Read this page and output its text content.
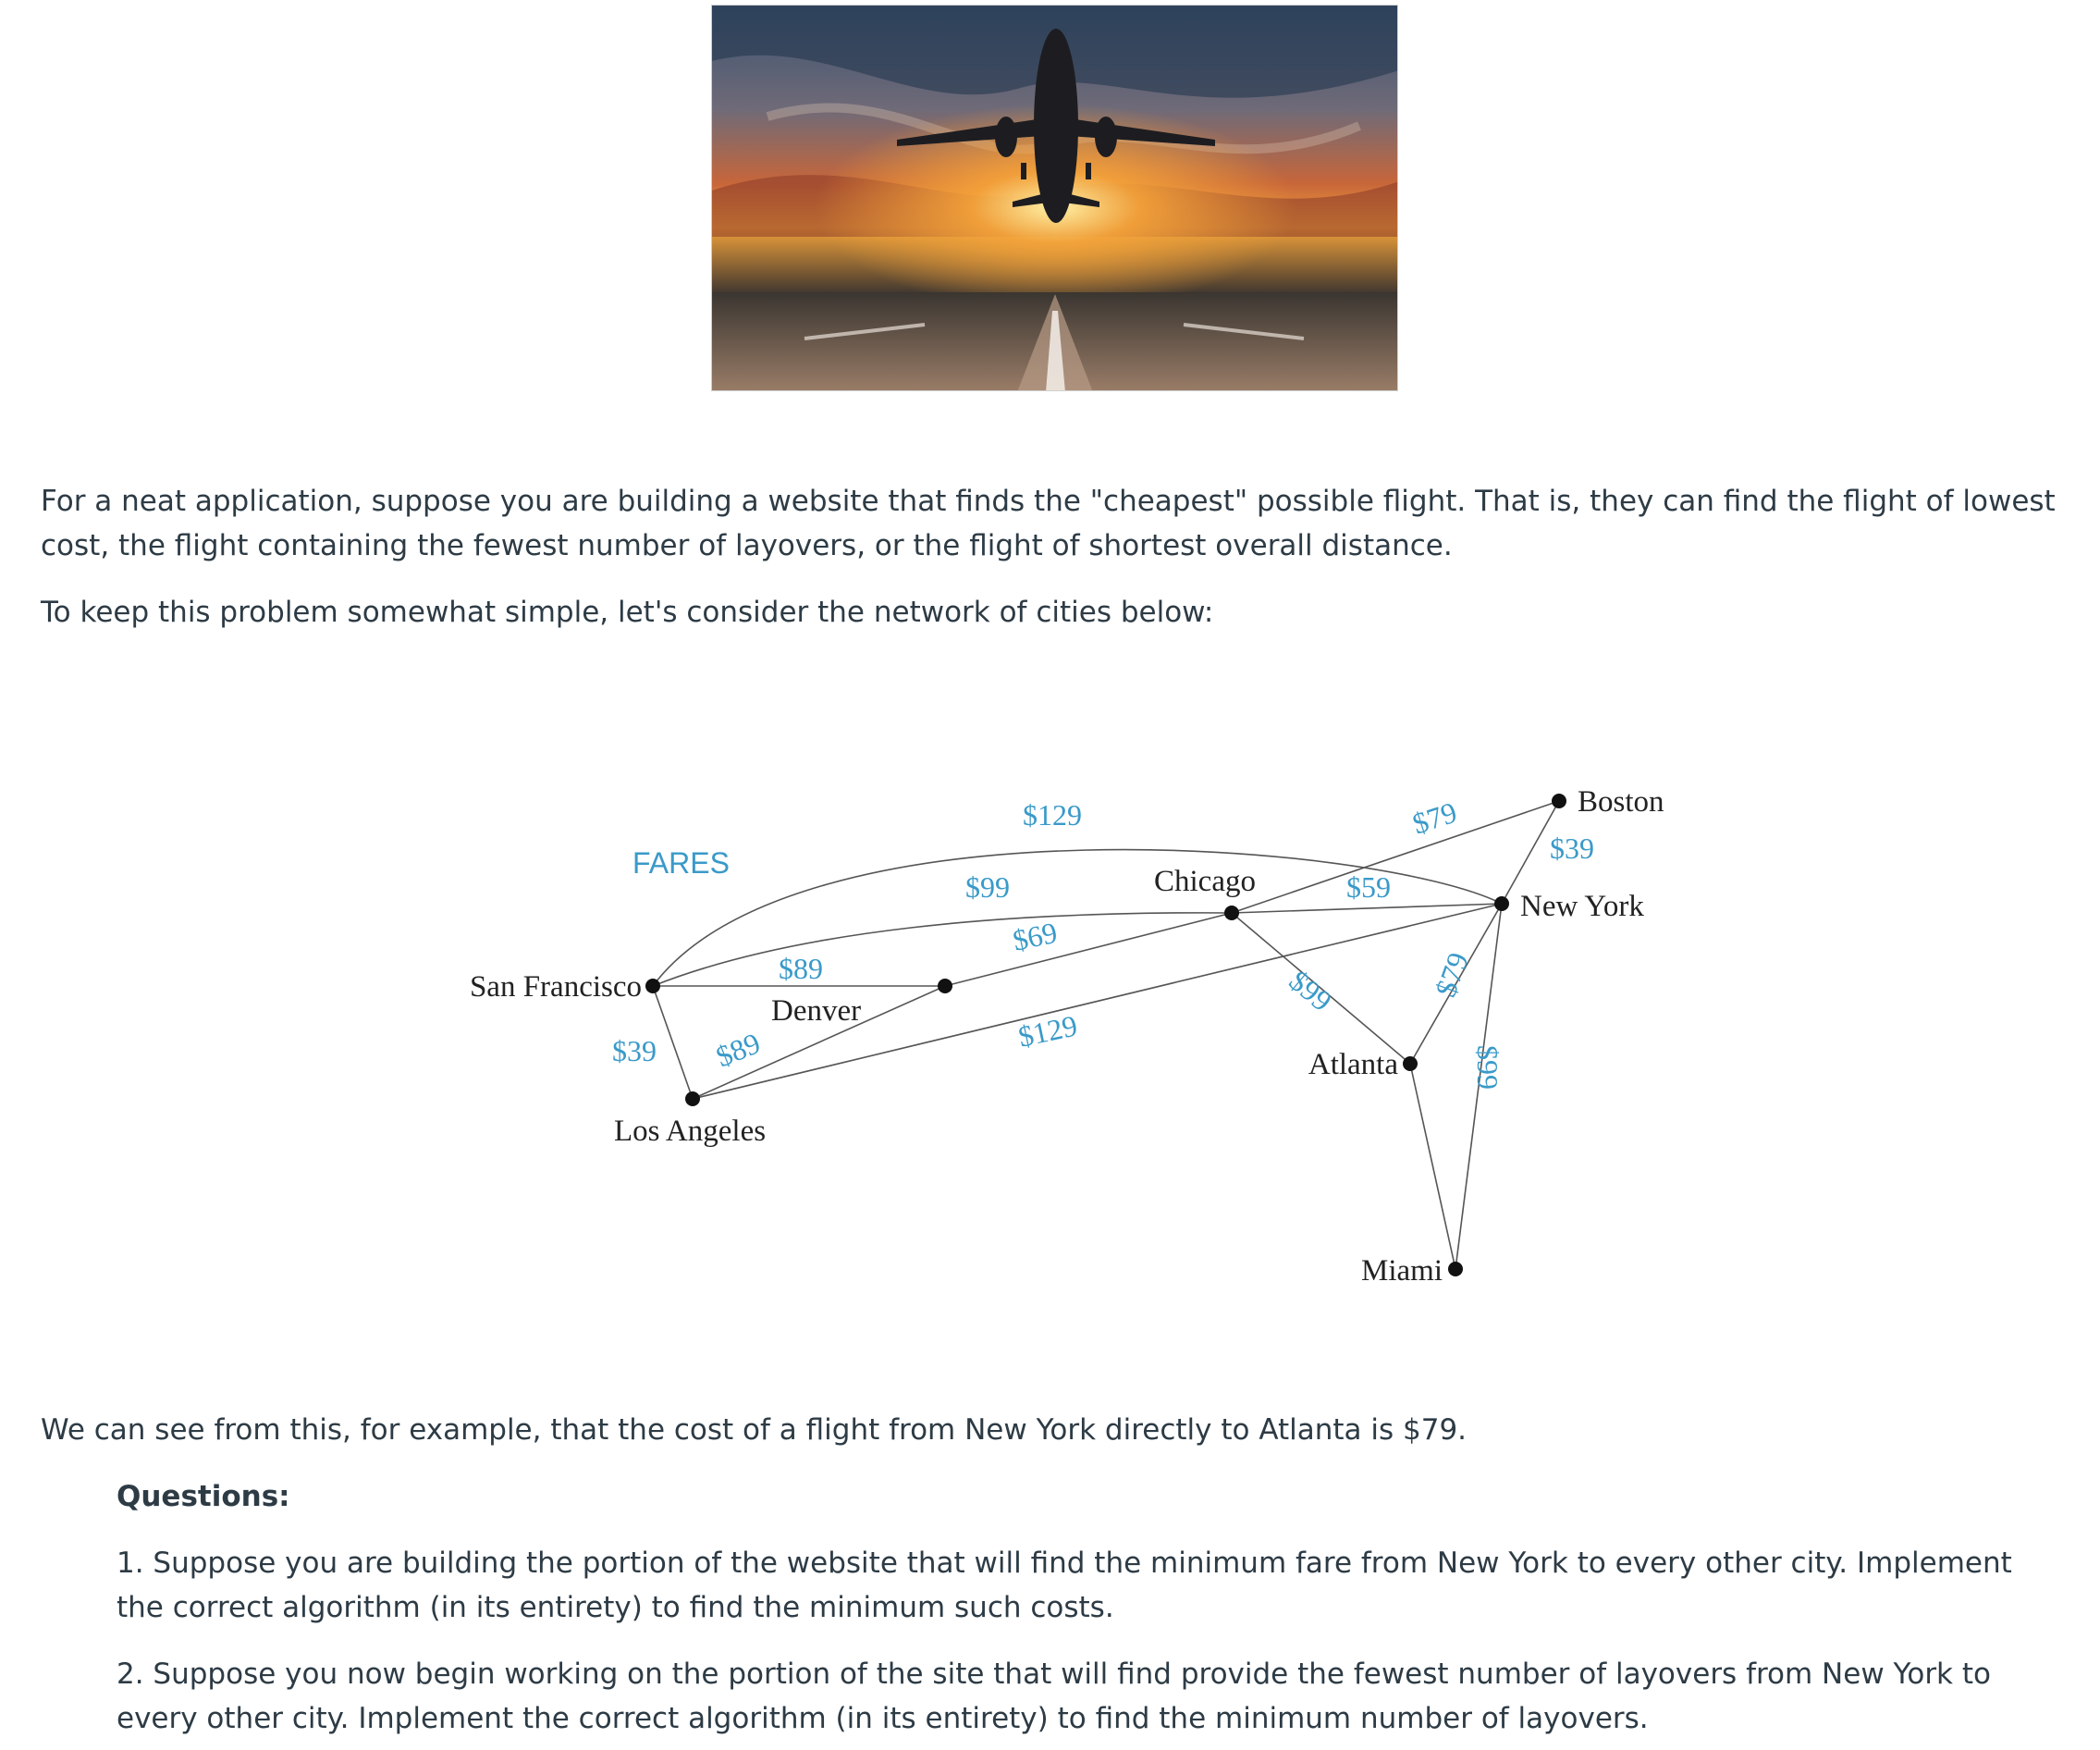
For a neat application, suppose you are building a website that finds the "cheapest" possible flight. That is, they can find the flight of lowest cost, the flight containing the fewest number of layovers, or the flight of shortest overall distance.

To keep this problem somewhat simple, let's consider the network of cities below:

San Francisco
Denver
Los Angeles
Chicago
Boston
New York
Atlanta
Miami
FARES
$129
$99
$89
$39 $89
$69
$129
$59
$79
$39
$99	$79
$99

We can see from this, for example, that the cost of a flight from New York directly to Atlanta is $79.

Questions:

1. Suppose you are building the portion of the website that will find the minimum fare from New York to every other city. Implement the correct algorithm (in its entirety) to find the minimum such costs.

2. Suppose you now begin working on the portion of the site that will find provide the fewest number of layovers from New York to every other city. Implement the correct algorithm (in its entirety) to find the minimum number of layovers.
